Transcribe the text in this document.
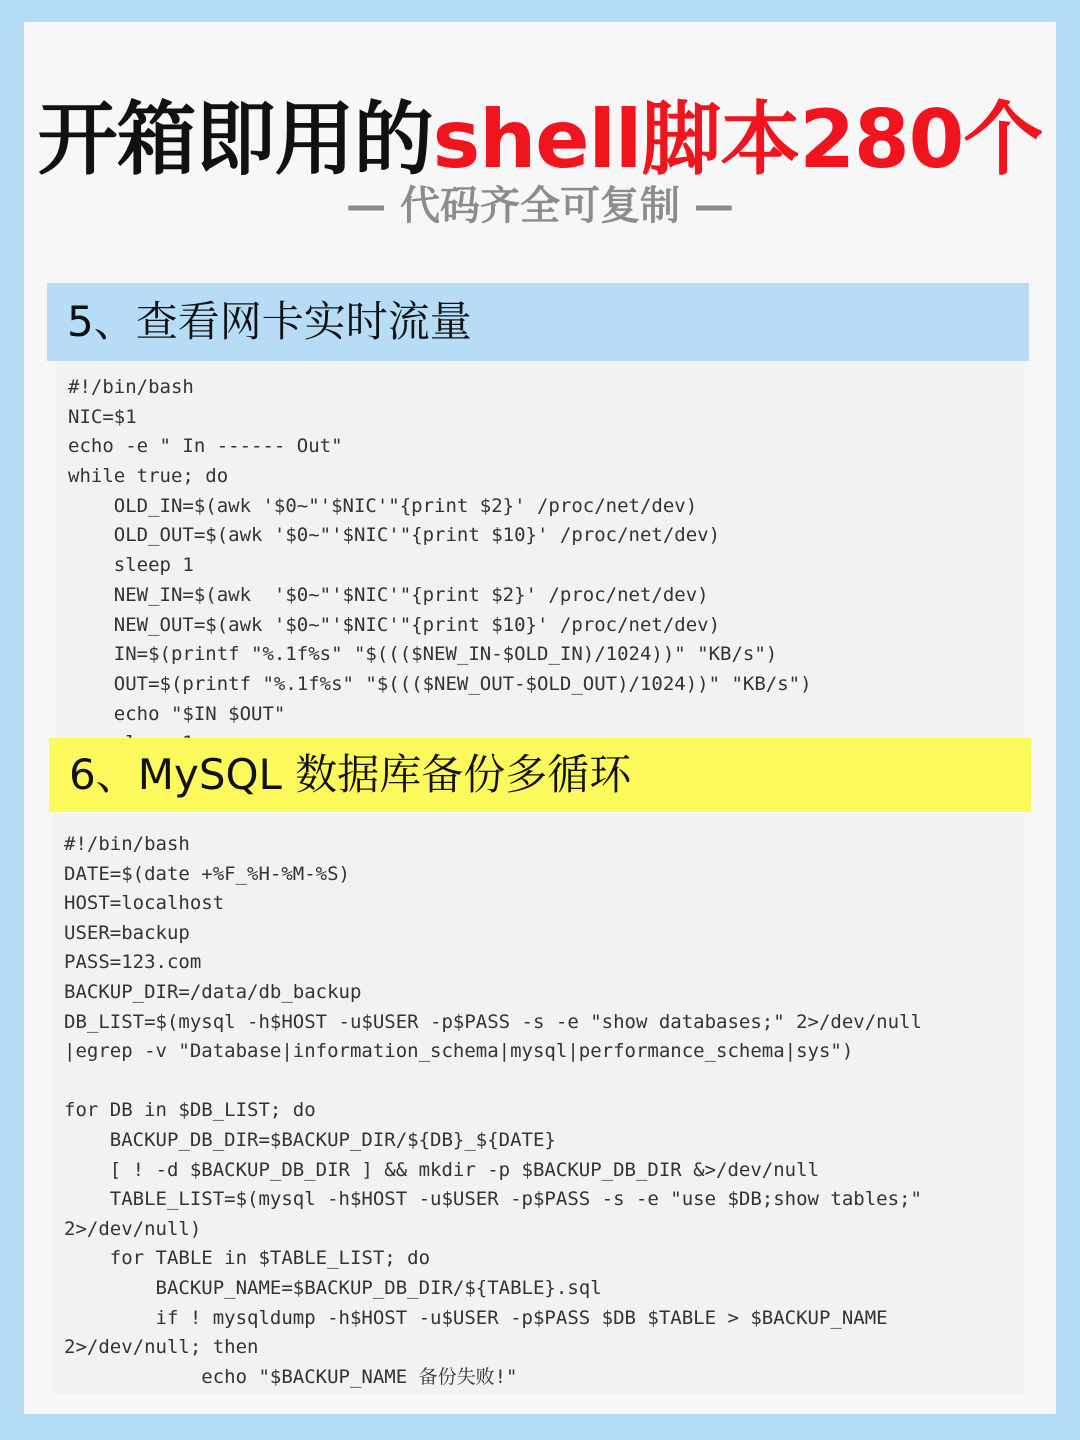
开箱即用的shell脚本280个
— 代码齐全可复制 —
5、查看网卡实时流量
#!/bin/bash
NIC=$1
echo -e " In ------ Out"
while true; do
OLD_IN=$(awk '$0~"'$NIC'"{print $2}' /proc/net/dev)
OLD_OUT=$(awk '$0~"'$NIC'"{print $10}' /proc/net/dev)
sleep 1
NEW_IN=$(awk  '$0~"'$NIC'"{print $2}' /proc/net/dev)
NEW_OUT=$(awk '$0~"'$NIC'"{print $10}' /proc/net/dev)
IN=$(printf "%.1f%s" "$((($NEW_IN-$OLD_IN)/1024))" "KB/s")
OUT=$(printf "%.1f%s" "$((($NEW_OUT-$OLD_OUT)/1024))" "KB/s")
echo "$IN $OUT"
6、MySQL 数据库备份多循环
#!/bin/bash
DATE=$(date +%F_%H-%M-%S)
HOST=localhost
USER=backup
PASS=123.com
BACKUP_DIR=/data/db_backup
DB_LIST=$(mysql -h$HOST -u$USER -p$PASS -s -e "show databases;" 2>/dev/null
|egrep -v "Database|information_schema|mysql|performance_schema|sys")
for DB in $DB_LIST; do
BACKUP_DB_DIR=$BACKUP_DIR/${DB}_${DATE}
[ ! -d $BACKUP_DB_DIR ] && mkdir -p $BACKUP_DB_DIR &>/dev/null
TABLE_LIST=$(mysql -h$HOST -u$USER -p$PASS -s -e "use $DB;show tables;"
2>/dev/null)
for TABLE in $TABLE_LIST; do
BACKUP_NAME=$BACKUP_DB_DIR/${TABLE}.sql
if ! mysqldump -h$HOST -u$USER -p$PASS $DB $TABLE > $BACKUP_NAME
2>/dev/null; then
echo "$BACKUP_NAME 备份失败!"
